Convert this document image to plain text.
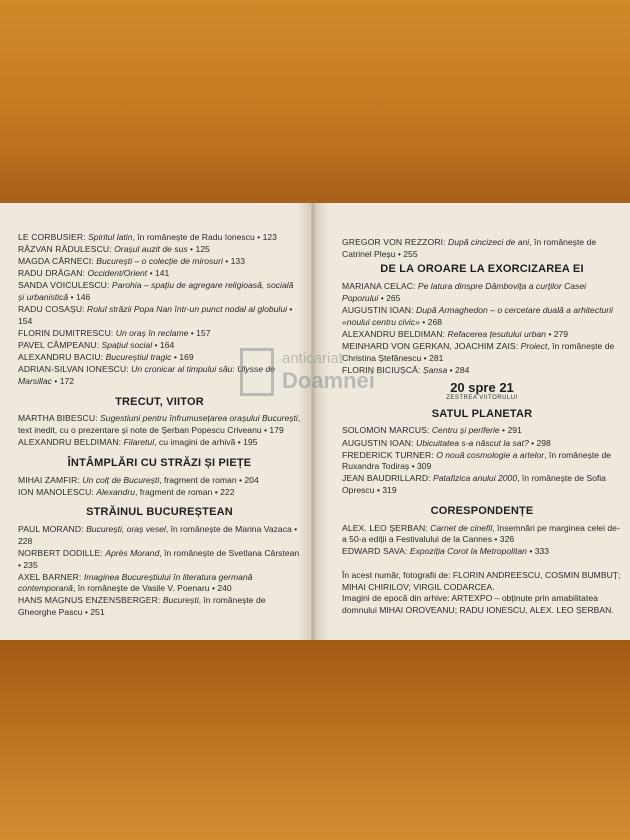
LE CORBUSIER: Spiritul latin, în românește de Radu Ionescu • 123
RĂZVAN RĂDULESCU: Orașul auzit de sus • 125
MAGDA CÂRNECI: București – o colecție de mirosuri • 133
RADU DRĂGAN: Occident/Orient • 141
SANDA VOICULESCU: Parohia – spațiu de agregare religioasă, socială și urbanistică • 146
RADU COSAȘU: Rolul străzii Popa Nan într-un punct nodal al globului • 154
FLORIN DUMITRESCU: Un oraș în reclame • 157
PAVEL CÂMPEANU: Spațiul social • 164
ALEXANDRU BACIU: Bucureștiul tragic • 169
ADRIAN-SILVAN IONESCU: Un cronicar al timpului său: Ulysse de Marsillac • 172
TRECUT, VIITOR
MARTHA BIBESCU: Sugestiuni pentru înfrumusețarea orașului București, text inedit, cu o prezentare și note de Șerban Popescu Criveanu • 179
ALEXANDRU BELDIMAN: Filaretul, cu imagini de arhivă • 195
ÎNTÂMPLĂRI CU STRĂZI ȘI PIEȚE
MIHAI ZAMFIR: Un colț de București, fragment de roman • 204
ION MANOLESCU: Alexandru, fragment de roman • 222
STRĂINUL BUCUREȘTEAN
PAUL MORAND: București, oraș vesel, în românește de Marina Vazaca • 228
NORBERT DODILLE: Après Morand, în românește de Svetlana Cârstean • 235
AXEL BARNER: Imaginea Bucureștiului în literatura germană contemporană, în românește de Vasile V. Poenaru • 240
HANS MAGNUS ENZENSBERGER: București, în românește de Gheorghe Pascu • 251
GREGOR VON REZZORI: După cincizeci de ani, în românește de Catrinel Pleșu • 255
DE LA OROARE LA EXORCIZAREA EI
MARIANA CELAC: Pe latura dinspre Dâmbovița a curților Casei Poporului • 265
AUGUSTIN IOAN: După Armaghedon – o cercetare duală a arhitecturii «noului centru civic» • 268
ALEXANDRU BELDIMAN: Refacerea țesutului urban • 279
MEINHARD VON GERKAN, JOACHIM ZAIS: Proiect, în românește de Christina Ștefănescu • 281
FLORIN BICIUȘCĂ: Șansa • 284
20 spre 21
ZESTREA VIITORULUI
SATUL PLANETAR
SOLOMON MARCUS: Centru și periferie • 291
AUGUSTIN IOAN: Ubicuitatea s-a născut la sat? • 298
FREDERICK TURNER: O nouă cosmologie a artelor, în românește de Ruxandra Todiraș • 309
JEAN BAUDRILLARD: Patafizica anului 2000, în românește de Sofia Oprescu • 319
CORESPONDENȚE
ALEX. LEO ȘERBAN: Carnet de cinefil, însemnări pe marginea celei de-a 50-a ediții a Festivalului de la Cannes • 326
EDWARD SAVA: Expoziția Corot la Metropolitan • 333
În acest număr, fotografii de: FLORIN ANDREESCU, COSMIN BUMBUȚ; MIHAI CHIRILOV; VIRGIL CODARCEA.
Imagini de epocă din arhive: ARTEXPO – obținute prin amabilitatea domnului MIHAI OROVEANU; RADU IONESCU, ALEX. LEO ȘERBAN.
anticariat
Doamnei
